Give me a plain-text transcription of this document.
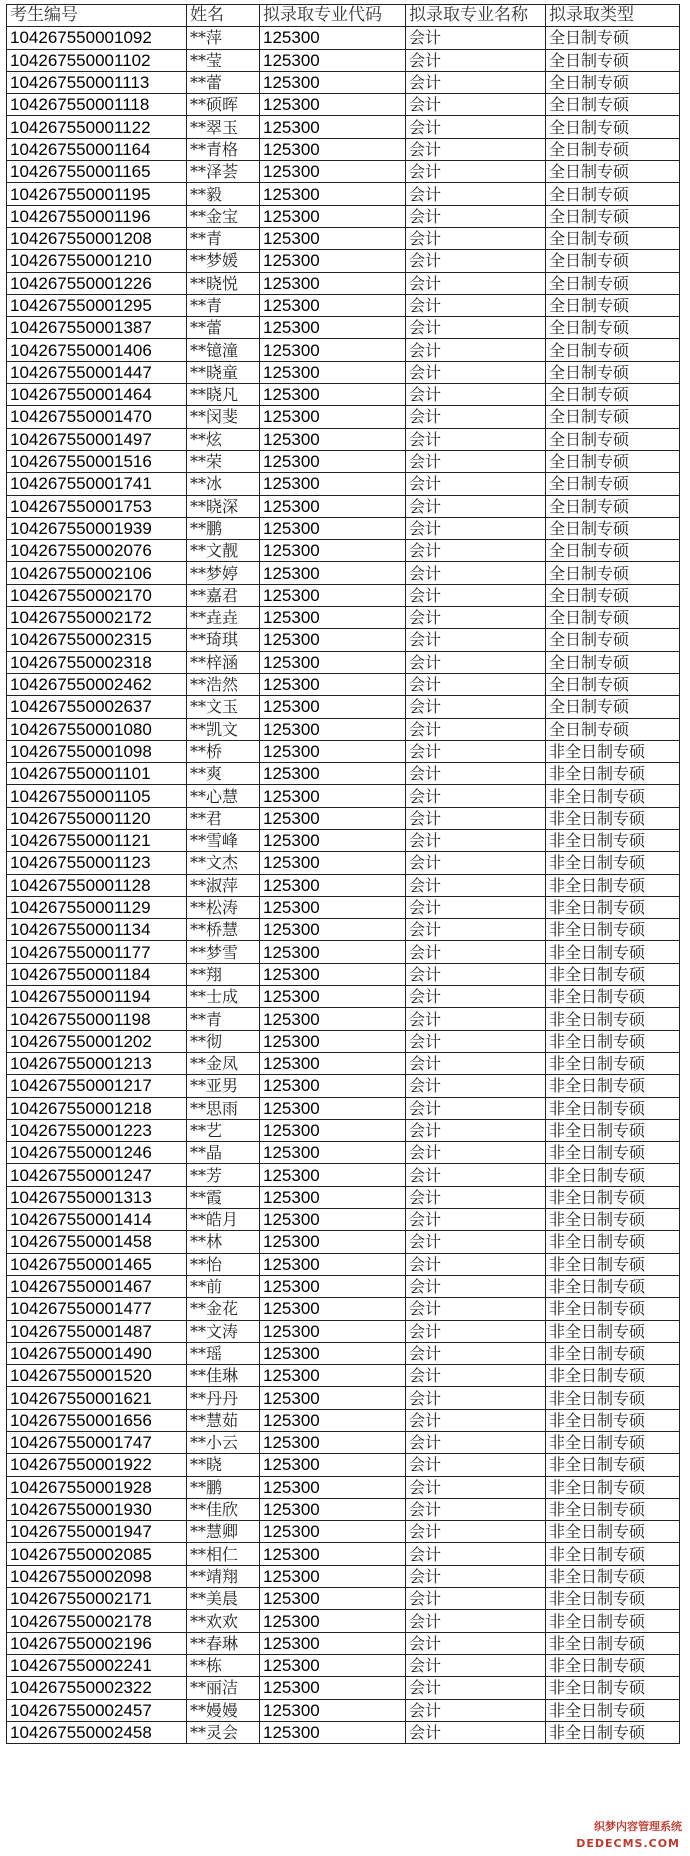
考生编号	姓名	拟录取专业代码	拟录取专业名称	拟录取类型
104267550001092	**萍	125300	会计	全日制专硕
104267550001102	**莹	125300	会计	全日制专硕
104267550001113	**蕾	125300	会计	全日制专硕
104267550001118	**硕晖	125300	会计	全日制专硕
104267550001122	**翠玉	125300	会计	全日制专硕
104267550001164	**青格	125300	会计	全日制专硕
104267550001165	**泽荟	125300	会计	全日制专硕
104267550001195	**毅	125300	会计	全日制专硕
104267550001196	**金宝	125300	会计	全日制专硕
104267550001208	**青	125300	会计	全日制专硕
104267550001210	**梦媛	125300	会计	全日制专硕
104267550001226	**晓悦	125300	会计	全日制专硕
104267550001295	**青	125300	会计	全日制专硕
104267550001387	**蕾	125300	会计	全日制专硕
104267550001406	**镱潼	125300	会计	全日制专硕
104267550001447	**晓童	125300	会计	全日制专硕
104267550001464	**晓凡	125300	会计	全日制专硕
104267550001470	**闵斐	125300	会计	全日制专硕
104267550001497	**炫	125300	会计	全日制专硕
104267550001516	**荣	125300	会计	全日制专硕
104267550001741	**冰	125300	会计	全日制专硕
104267550001753	**晓深	125300	会计	全日制专硕
104267550001939	**鹏	125300	会计	全日制专硕
104267550002076	**文靓	125300	会计	全日制专硕
104267550002106	**梦婷	125300	会计	全日制专硕
104267550002170	**嘉君	125300	会计	全日制专硕
104267550002172	**垚垚	125300	会计	全日制专硕
104267550002315	**琦琪	125300	会计	全日制专硕
104267550002318	**梓涵	125300	会计	全日制专硕
104267550002462	**浩然	125300	会计	全日制专硕
104267550002637	**文玉	125300	会计	全日制专硕
104267550001080	**凯文	125300	会计	全日制专硕
104267550001098	**桥	125300	会计	非全日制专硕
104267550001101	**爽	125300	会计	非全日制专硕
104267550001105	**心慧	125300	会计	非全日制专硕
104267550001120	**君	125300	会计	非全日制专硕
104267550001121	**雪峰	125300	会计	非全日制专硕
104267550001123	**文杰	125300	会计	非全日制专硕
104267550001128	**淑萍	125300	会计	非全日制专硕
104267550001129	**松涛	125300	会计	非全日制专硕
104267550001134	**桥慧	125300	会计	非全日制专硕
104267550001177	**梦雪	125300	会计	非全日制专硕
104267550001184	**翔	125300	会计	非全日制专硕
104267550001194	**士成	125300	会计	非全日制专硕
104267550001198	**青	125300	会计	非全日制专硕
104267550001202	**彻	125300	会计	非全日制专硕
104267550001213	**金凤	125300	会计	非全日制专硕
104267550001217	**亚男	125300	会计	非全日制专硕
104267550001218	**思雨	125300	会计	非全日制专硕
104267550001223	**艺	125300	会计	非全日制专硕
104267550001246	**晶	125300	会计	非全日制专硕
104267550001247	**芳	125300	会计	非全日制专硕
104267550001313	**霞	125300	会计	非全日制专硕
104267550001414	**皓月	125300	会计	非全日制专硕
104267550001458	**林	125300	会计	非全日制专硕
104267550001465	**怡	125300	会计	非全日制专硕
104267550001467	**前	125300	会计	非全日制专硕
104267550001477	**金花	125300	会计	非全日制专硕
104267550001487	**文涛	125300	会计	非全日制专硕
104267550001490	**瑶	125300	会计	非全日制专硕
104267550001520	**佳琳	125300	会计	非全日制专硕
104267550001621	**丹丹	125300	会计	非全日制专硕
104267550001656	**慧茹	125300	会计	非全日制专硕
104267550001747	**小云	125300	会计	非全日制专硕
104267550001922	**晓	125300	会计	非全日制专硕
104267550001928	**鹏	125300	会计	非全日制专硕
104267550001930	**佳欣	125300	会计	非全日制专硕
104267550001947	**慧卿	125300	会计	非全日制专硕
104267550002085	**相仁	125300	会计	非全日制专硕
104267550002098	**靖翔	125300	会计	非全日制专硕
104267550002171	**美晨	125300	会计	非全日制专硕
104267550002178	**欢欢	125300	会计	非全日制专硕
104267550002196	**春琳	125300	会计	非全日制专硕
104267550002241	**栋	125300	会计	非全日制专硕
104267550002322	**丽洁	125300	会计	非全日制专硕
104267550002457	**嫚嫚	125300	会计	非全日制专硕
104267550002458	**灵会	125300	会计	非全日制专硕
织梦内容管理系统
DEDECMS.COM
